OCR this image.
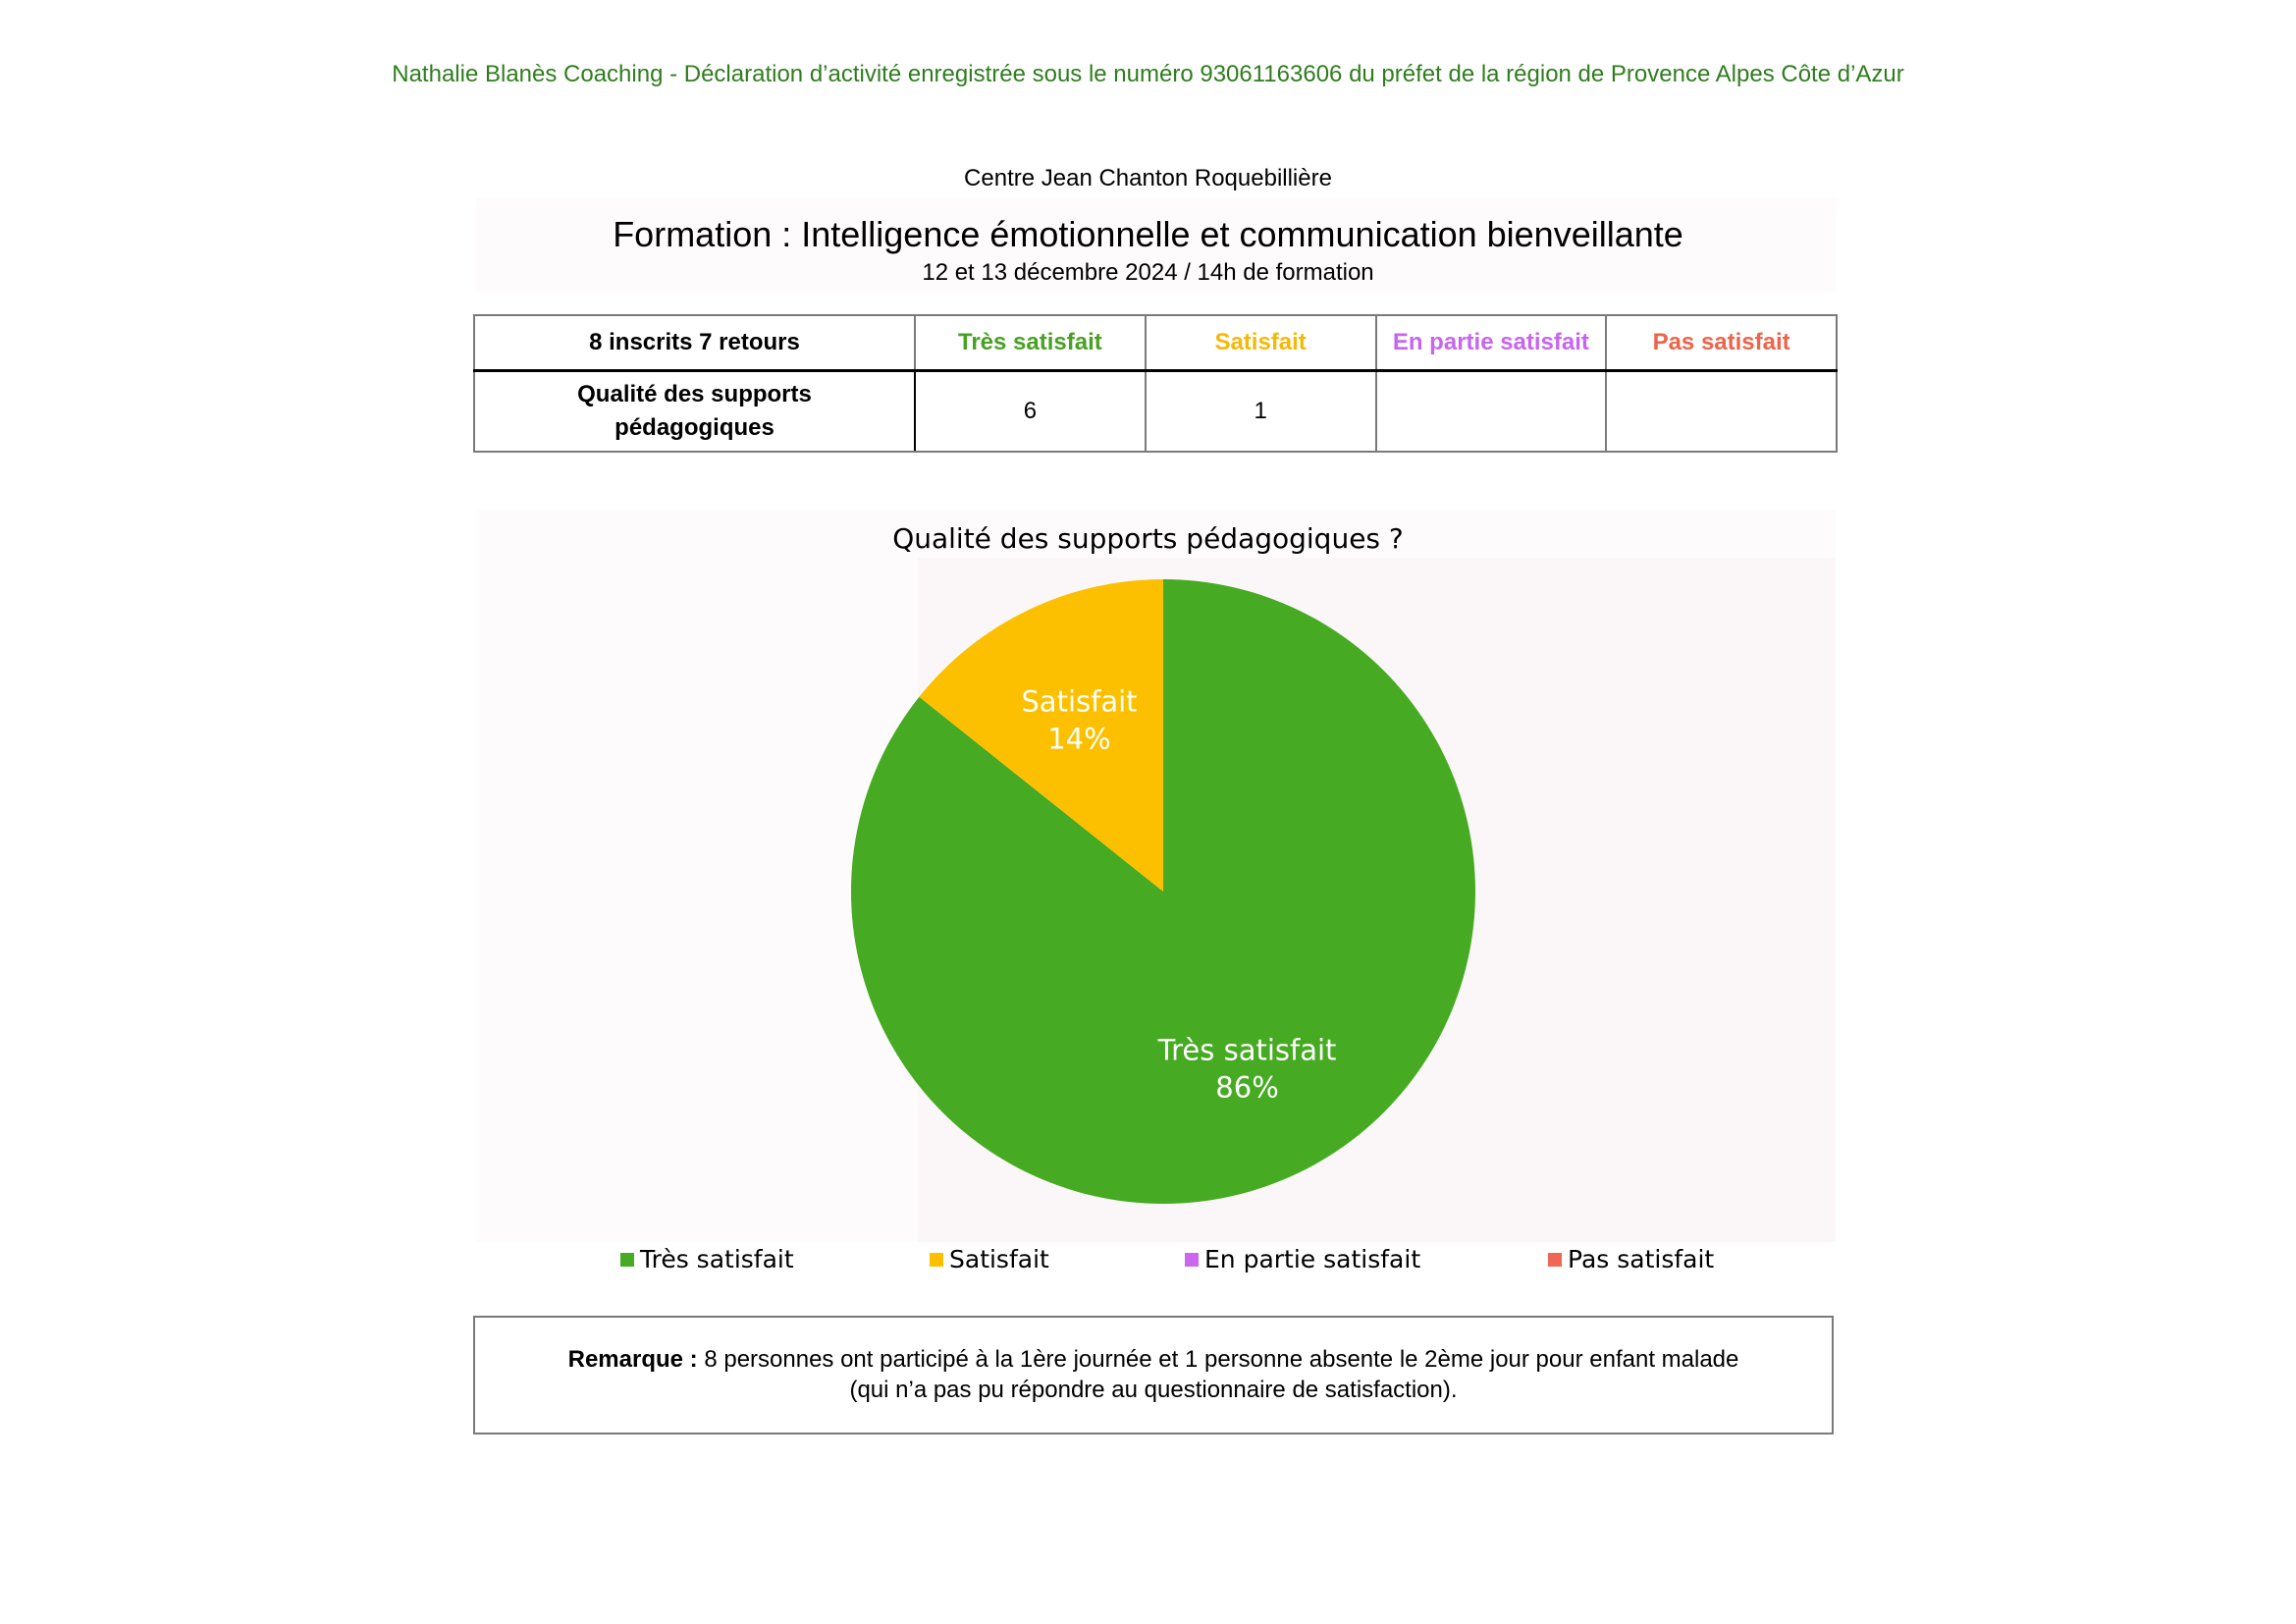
Nathalie Blanès Coaching - Déclaration d’activité enregistrée sous le numéro 93061163606 du préfet de la région de Provence Alpes Côte d’Azur
Centre Jean Chanton Roquebillière
Formation : Intelligence émotionnelle et communication bienveillante
12 et 13 décembre 2024 / 14h de formation
8 inscrits 7 retours	Très satisfait	Satisfait	En partie satisfait	Pas satisfait
Qualité des supports
pédagogiques	6	1		
Qualité des supports pédagogiques ?
Très satisfait
86%
Satisfait
14%
Très satisfait	Satisfait	En partie satisfait	Pas satisfait
Remarque : 8 personnes ont participé à la 1ère journée et 1 personne absente le 2ème jour pour enfant malade
(qui n’a pas pu répondre au questionnaire de satisfaction).
